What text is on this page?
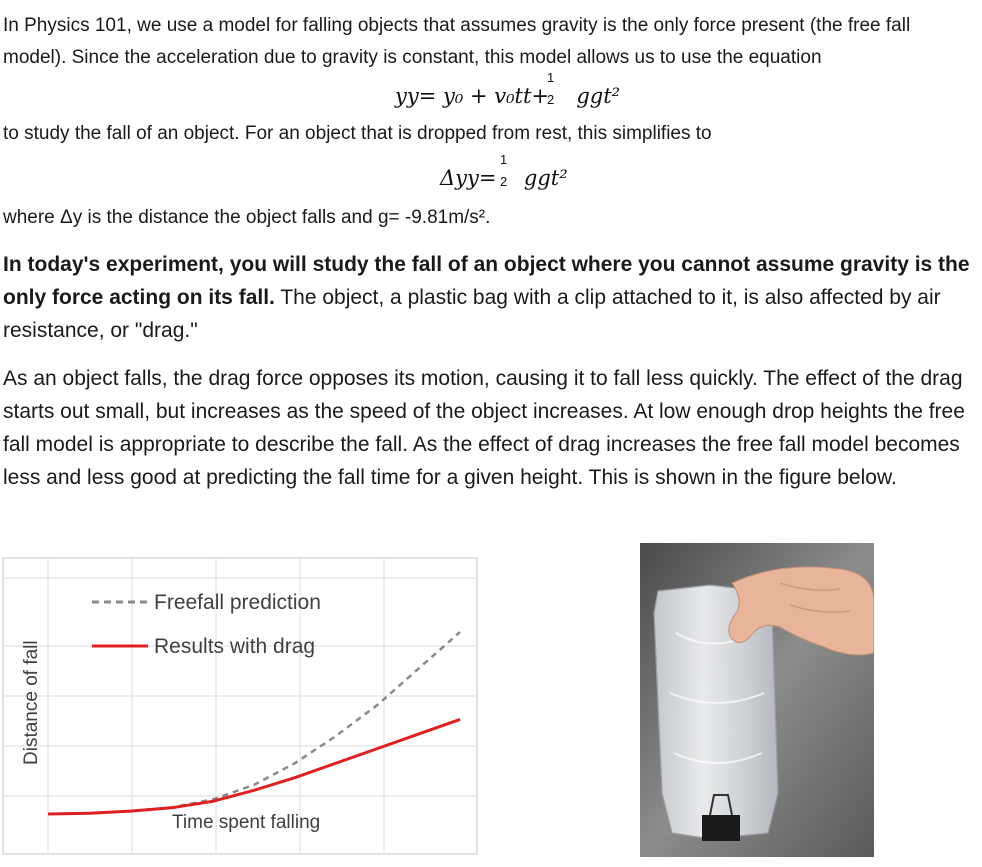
In Physics 101, we use a model for falling objects that assumes gravity is the only force present (the free fall model). Since the acceleration due to gravity is constant, this model allows us to use the equation

yy= y₀ + v₀tt+
1
2 ggt²

to study the fall of an object. For an object that is dropped from rest, this simplifies to

Δyy=
1
2 ggt²

where Δy is the distance the object falls and g= -9.81m/s².

In today's experiment, you will study the fall of an object where you cannot assume gravity is the only force acting on its fall. The object, a plastic bag with a clip attached to it, is also affected by air resistance, or "drag."

As an object falls, the drag force opposes its motion, causing it to fall less quickly. The effect of the drag starts out small, but increases as the speed of the object increases. At low enough drop heights the free fall model is appropriate to describe the fall. As the effect of drag increases the free fall model becomes less and less good at predicting the fall time for a given height. This is shown in the figure below.

Freefall prediction
Results with drag
Time spent falling
Distance of fall
